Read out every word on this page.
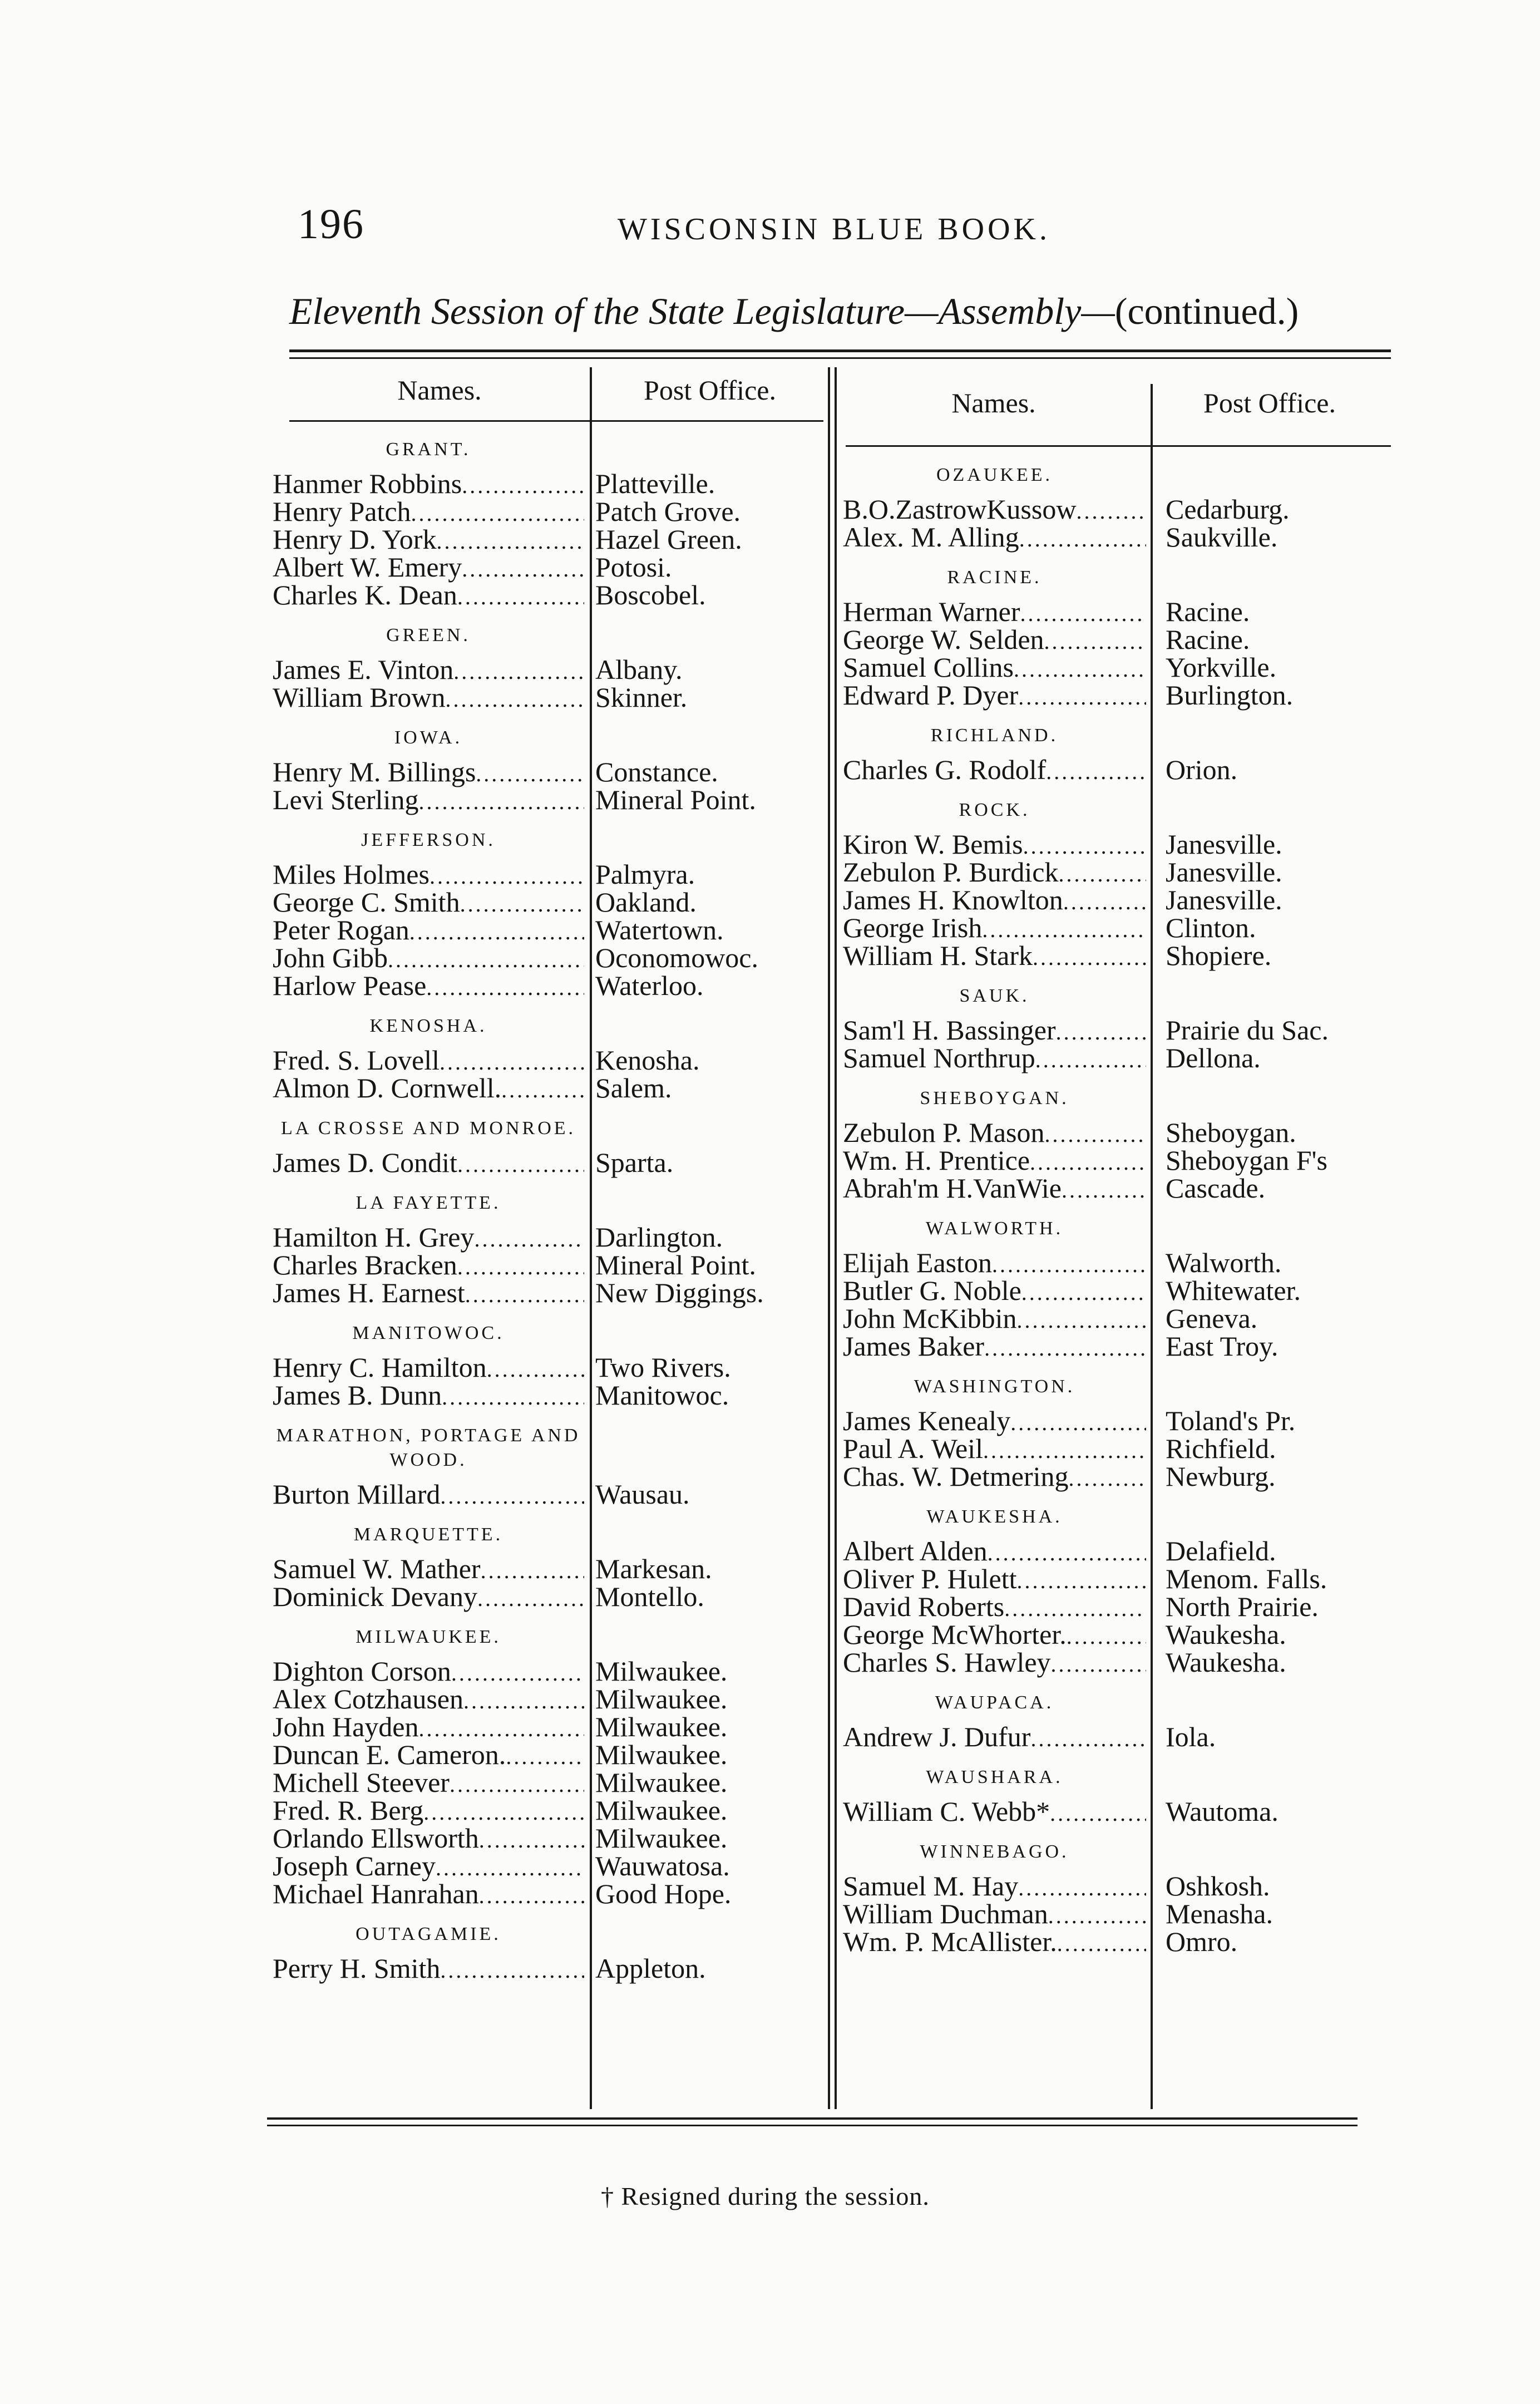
196	WISCONSIN BLUE BOOK.
Eleventh Session of the State Legislature—Assembly—(continued.)
Names.	Post Office.	Names.	Post Office.
GRANT.
Hanmer Robbins .....	Platteville.
Henry Patch .....	Patch Grove.
Henry D. York .....	Hazel Green.
Albert W. Emery .....	Potosi.
Charles K. Dean .....	Boscobel.
GREEN.
James E. Vinton .....	Albany.
William Brown .....	Skinner.
IOWA.
Henry M. Billings .....	Constance.
Levi Sterling .....	Mineral Point.
JEFFERSON.
Miles Holmes .....	Palmyra.
George C. Smith .....	Oakland.
Peter Rogan .....	Watertown.
John Gibb .....	Oconomowoc.
Harlow Pease .....	Waterloo.
KENOSHA.
Fred. S. Lovell .....	Kenosha.
Almon D. Cornwell. .....	Salem.
LA CROSSE AND MONROE.
James D. Condit .....	Sparta.
LA FAYETTE.
Hamilton H. Grey .....	Darlington.
Charles Bracken .....	Mineral Point.
James H. Earnest .....	New Diggings.
MANITOWOC.
Henry C. Hamilton .....	Two Rivers.
James B. Dunn .....	Manitowoc.
MARATHON, PORTAGE AND WOOD.
Burton Millard .....	Wausau.
MARQUETTE.
Samuel W. Mather .....	Markesan.
Dominick Devany .....	Montello.
MILWAUKEE.
Dighton Corson .....	Milwaukee.
Alex Cotzhausen .....	Milwaukee.
John Hayden .....	Milwaukee.
Duncan E. Cameron. .....	Milwaukee.
Michell Steever .....	Milwaukee.
Fred. R. Berg .....	Milwaukee.
Orlando Ellsworth .....	Milwaukee.
Joseph Carney .....	Wauwatosa.
Michael Hanrahan .....	Good Hope.
OUTAGAMIE.
Perry H. Smith .....	Appleton.
OZAUKEE.
B.O.ZastrowKussow .....	Cedarburg.
Alex. M. Alling .....	Saukville.
RACINE.
Herman Warner .....	Racine.
George W. Selden .....	Racine.
Samuel Collins .....	Yorkville.
Edward P. Dyer .....	Burlington.
RICHLAND.
Charles G. Rodolf .....	Orion.
ROCK.
Kiron W. Bemis .....	Janesville.
Zebulon P. Burdick .....	Janesville.
James H. Knowlton .....	Janesville.
George Irish .....	Clinton.
William H. Stark .....	Shopiere.
SAUK.
Sam'l H. Bassinger .....	Prairie du Sac.
Samuel Northrup .....	Dellona.
SHEBOYGAN.
Zebulon P. Mason .....	Sheboygan.
Wm. H. Prentice .....	Sheboygan F's
Abrah'm H.VanWie .....	Cascade.
WALWORTH.
Elijah Easton .....	Walworth.
Butler G. Noble .....	Whitewater.
John McKibbin .....	Geneva.
James Baker .....	East Troy.
WASHINGTON.
James Kenealy .....	Toland's Pr.
Paul A. Weil .....	Richfield.
Chas. W. Detmering .....	Newburg.
WAUKESHA.
Albert Alden .....	Delafield.
Oliver P. Hulett .....	Menom. Falls.
David Roberts .....	North Prairie.
George McWhorter. .....	Waukesha.
Charles S. Hawley .....	Waukesha.
WAUPACA.
Andrew J. Dufur .....	Iola.
WAUSHARA.
William C. Webb* .....	Wautoma.
WINNEBAGO.
Samuel M. Hay .....	Oshkosh.
William Duchman .....	Menasha.
Wm. P. McAllister. .....	Omro.
† Resigned during the session.
